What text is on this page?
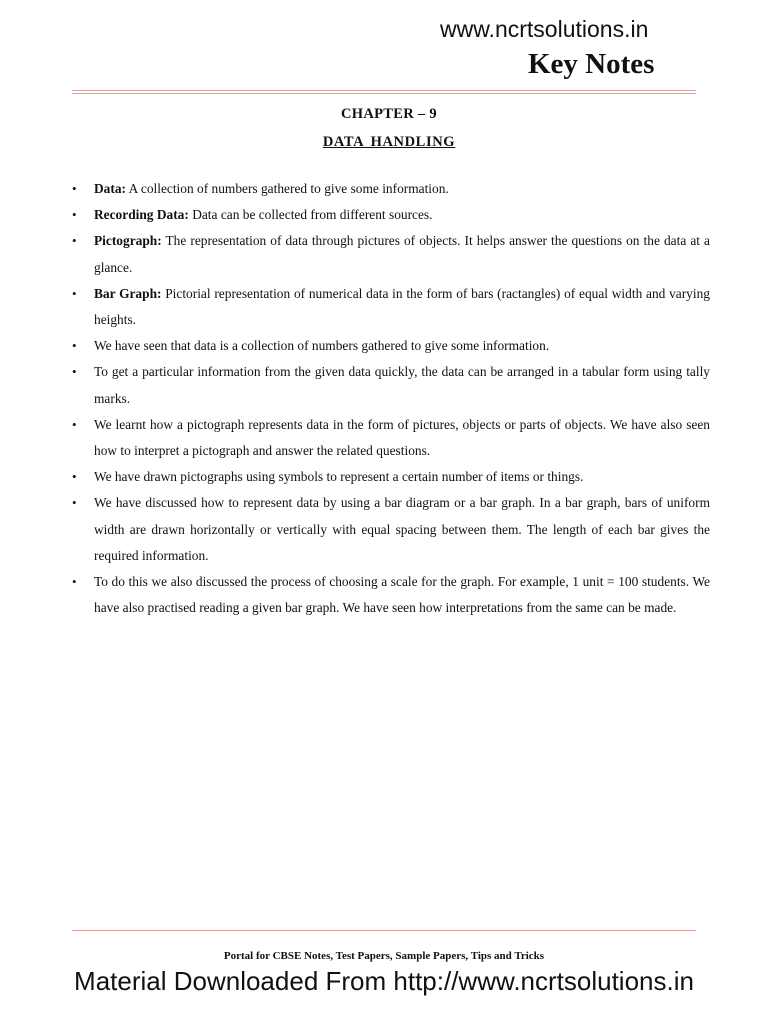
www.ncrtsolutions.in
Key Notes
CHAPTER – 9
DATA HANDLING
• Data: A collection of numbers gathered to give some information.
• Recording Data: Data can be collected from different sources.
• Pictograph: The representation of data through pictures of objects. It helps answer the questions on the data at a glance.
• Bar Graph: Pictorial representation of numerical data in the form of bars (ractangles) of equal width and varying heights.
• We have seen that data is a collection of numbers gathered to give some information.
• To get a particular information from the given data quickly, the data can be arranged in a tabular form using tally marks.
• We learnt how a pictograph represents data in the form of pictures, objects or parts of objects. We have also seen how to interpret a pictograph and answer the related questions.
• We have drawn pictographs using symbols to represent a certain number of items or things.
• We have discussed how to represent data by using a bar diagram or a bar graph. In a bar graph, bars of uniform width are drawn horizontally or vertically with equal spacing between them. The length of each bar gives the required information.
• To do this we also discussed the process of choosing a scale for the graph. For example, 1 unit = 100 students. We have also practised reading a given bar graph. We have seen how interpretations from the same can be made.
Portal for CBSE Notes, Test Papers, Sample Papers, Tips and Tricks
Material Downloaded From http://www.ncrtsolutions.in
